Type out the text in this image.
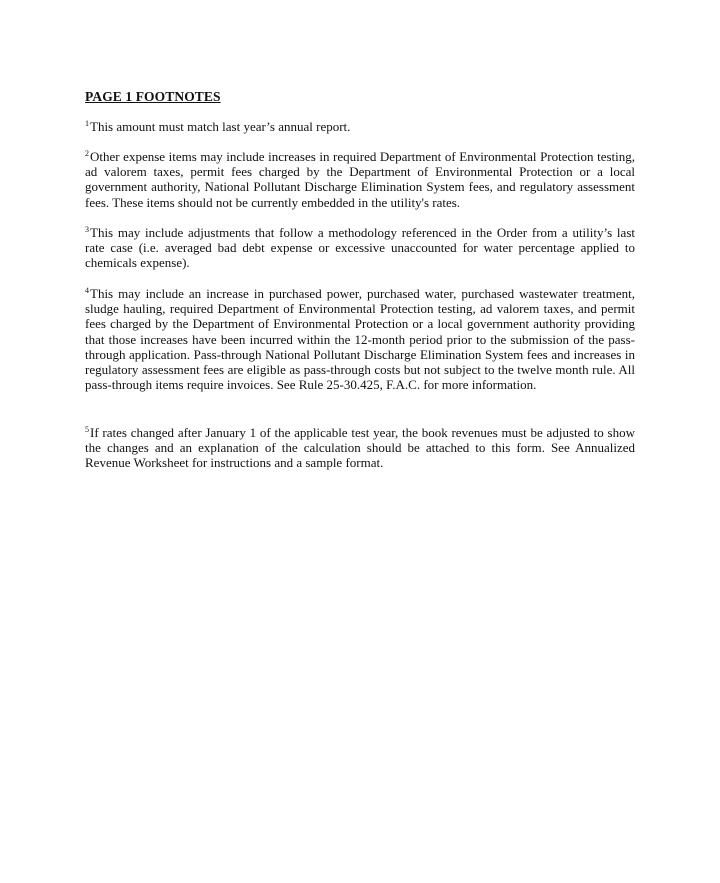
PAGE 1 FOOTNOTES

$^1$This amount must match last year’s annual report.

$^2$Other expense items may include increases in required Department of Environmental Protection testing, ad valorem taxes, permit fees charged by the Department of Environmental Protection or a local government authority, National Pollutant Discharge Elimination System fees, and regulatory assessment fees. These items should not be currently embedded in the utility's rates.

$^3$This may include adjustments that follow a methodology referenced in the Order from a utility’s last rate case (i.e. averaged bad debt expense or excessive unaccounted for water percentage applied to chemicals expense).

$^4$This may include an increase in purchased power, purchased water, purchased wastewater treatment, sludge hauling, required Department of Environmental Protection testing, ad valorem taxes, and permit fees charged by the Department of Environmental Protection or a local government authority providing that those increases have been incurred within the 12-month period prior to the submission of the pass-through application. Pass-through National Pollutant Discharge Elimination System fees and increases in regulatory assessment fees are eligible as pass-through costs but not subject to the twelve month rule. All pass-through items require invoices. See Rule 25-30.425, F.A.C. for more information.

$^5$If rates changed after January 1 of the applicable test year, the book revenues must be adjusted to show the changes and an explanation of the calculation should be attached to this form. See Annualized Revenue Worksheet for instructions and a sample format.
